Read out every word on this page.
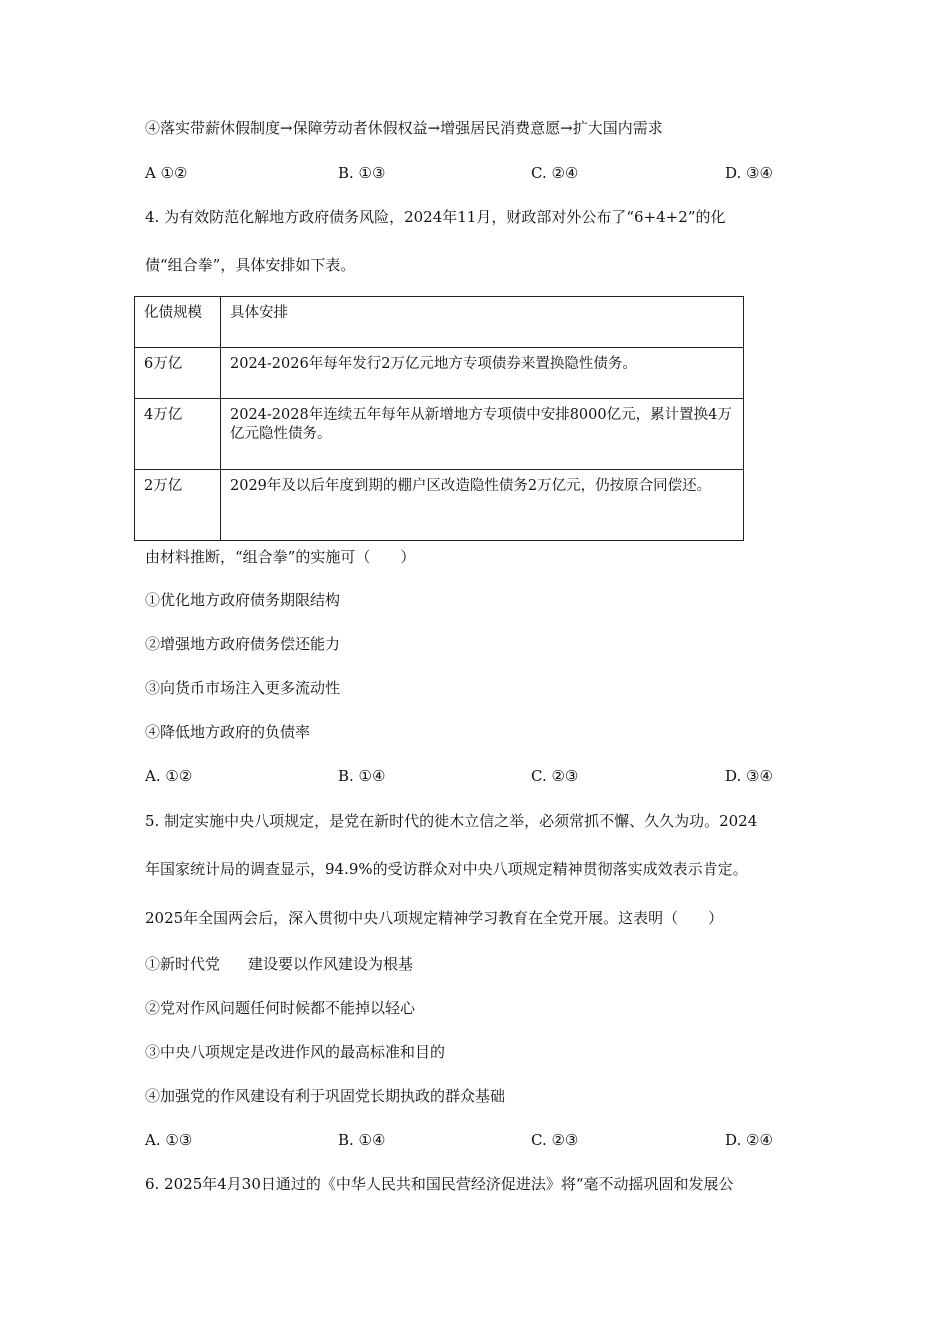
④落实带薪休假制度→保障劳动者休假权益→增强居民消费意愿→扩大国内需求
A ①②	B. ①③	C. ②④	D. ③④
4. 为有效防范化解地方政府债务风险，2024年11月，财政部对外公布了“6+4+2”的化
债“组合拳”，具体安排如下表。
化债规模	具体安排
6万亿	2024-2026年每年发行2万亿元地方专项债券来置换隐性债务。
4万亿	2024-2028年连续五年每年从新增地方专项债中安排8000亿元，累计置换4万亿元隐性债务。
2万亿	2029年及以后年度到期的棚户区改造隐性债务2万亿元，仍按原合同偿还。
由材料推断，“组合拳”的实施可（　　）
①优化地方政府债务期限结构
②增强地方政府债务偿还能力
③向货币市场注入更多流动性
④降低地方政府的负债率
A. ①②	B. ①④	C. ②③	D. ③④
5. 制定实施中央八项规定，是党在新时代的徙木立信之举，必须常抓不懈、久久为功。2024
年国家统计局的调查显示，94.9%的受访群众对中央八项规定精神贯彻落实成效表示肯定。
2025年全国两会后，深入贯彻中央八项规定精神学习教育在全党开展。这表明（　　）
①新时代党 建设要以作风建设为根基
②党对作风问题任何时候都不能掉以轻心
③中央八项规定是改进作风的最高标准和目的
④加强党的作风建设有利于巩固党长期执政的群众基础
A. ①③	B. ①④	C. ②③	D. ②④
6. 2025年4月30日通过的《中华人民共和国民营经济促进法》将“毫不动摇巩固和发展公
